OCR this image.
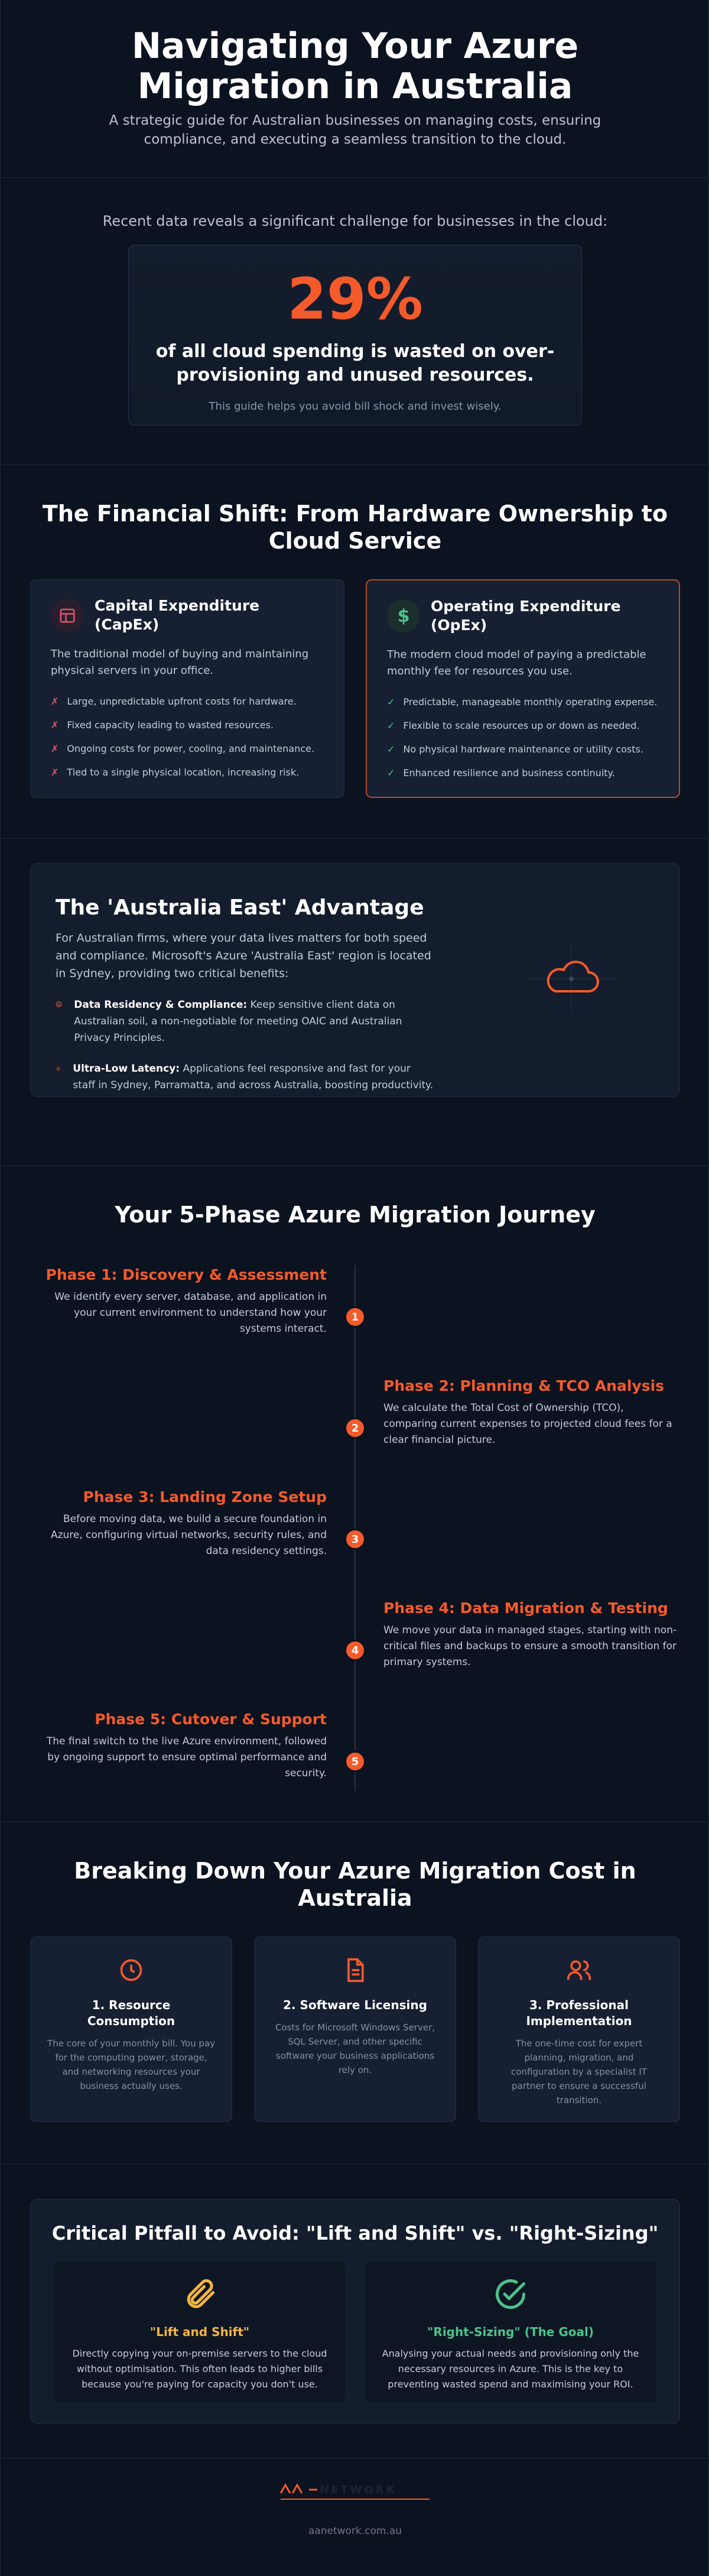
Navigating Your Azure Migration in Australia

A strategic guide for Australian businesses on managing costs, ensuring compliance, and executing a seamless transition to the cloud.

Recent data reveals a significant challenge for businesses in the cloud:

29%
of all cloud spending is wasted on over-provisioning and unused resources.
This guide helps you avoid bill shock and invest wisely.
The Financial Shift: From Hardware Ownership to Cloud Service
Capital Expenditure (CapEx)

The traditional model of buying and maintaining physical servers in your office.

✗ Large, unpredictable upfront costs for hardware.
✗ Fixed capacity leading to wasted resources.
✗ Ongoing costs for power, cooling, and maintenance.
✗ Tied to a single physical location, increasing risk.
$ Operating Expenditure (OpEx)

The modern cloud model of paying a predictable monthly fee for resources you use.

✓ Predictable, manageable monthly operating expense.
✓ Flexible to scale resources up or down as needed.
✓ No physical hardware maintenance or utility costs.
✓ Enhanced resilience and business continuity.
The 'Australia East' Advantage

For Australian firms, where your data lives matters for both speed and compliance. Microsoft's Azure 'Australia East' region is located in Sydney, providing two critical benefits:

⦾ Data Residency & Compliance: Keep sensitive client data on Australian soil, a non-negotiable for meeting OAIC and Australian Privacy Principles.

⟡ Ultra-Low Latency: Applications feel responsive and fast for your staff in Sydney, Parramatta, and across Australia, boosting productivity.

Your 5-Phase Azure Migration Journey
Phase 1: Discovery & Assessment

We identify every server, database, and application in your current environment to understand how your systems interact.

1
Phase 2: Planning & TCO Analysis

We calculate the Total Cost of Ownership (TCO), comparing current expenses to projected cloud fees for a clear financial picture.

2
Phase 3: Landing Zone Setup

Before moving data, we build a secure foundation in Azure, configuring virtual networks, security rules, and data residency settings.

3
Phase 4: Data Migration & Testing

We move your data in managed stages, starting with non-critical files and backups to ensure a smooth transition for primary systems.

4
Phase 5: Cutover & Support

The final switch to the live Azure environment, followed by ongoing support to ensure optimal performance and security.

5
Breaking Down Your Azure Migration Cost in Australia
1. Resource Consumption

The core of your monthly bill. You pay for the computing power, storage, and networking resources your business actually uses.

2. Software Licensing

Costs for Microsoft Windows Server, SQL Server, and other specific software your business applications rely on.

3. Professional Implementation

The one-time cost for expert planning, migration, and configuration by a specialist IT partner to ensure a successful transition.

Critical Pitfall to Avoid: "Lift and Shift" vs. "Right-Sizing"
"Lift and Shift"

Directly copying your on-premise servers to the cloud without optimisation. This often leads to higher bills because you're paying for capacity you don't use.

"Right-Sizing" (The Goal)

Analysing your actual needs and provisioning only the necessary resources in Azure. This is the key to preventing wasted spend and maximising your ROI.

NETWORK
aanetwork.com.au
